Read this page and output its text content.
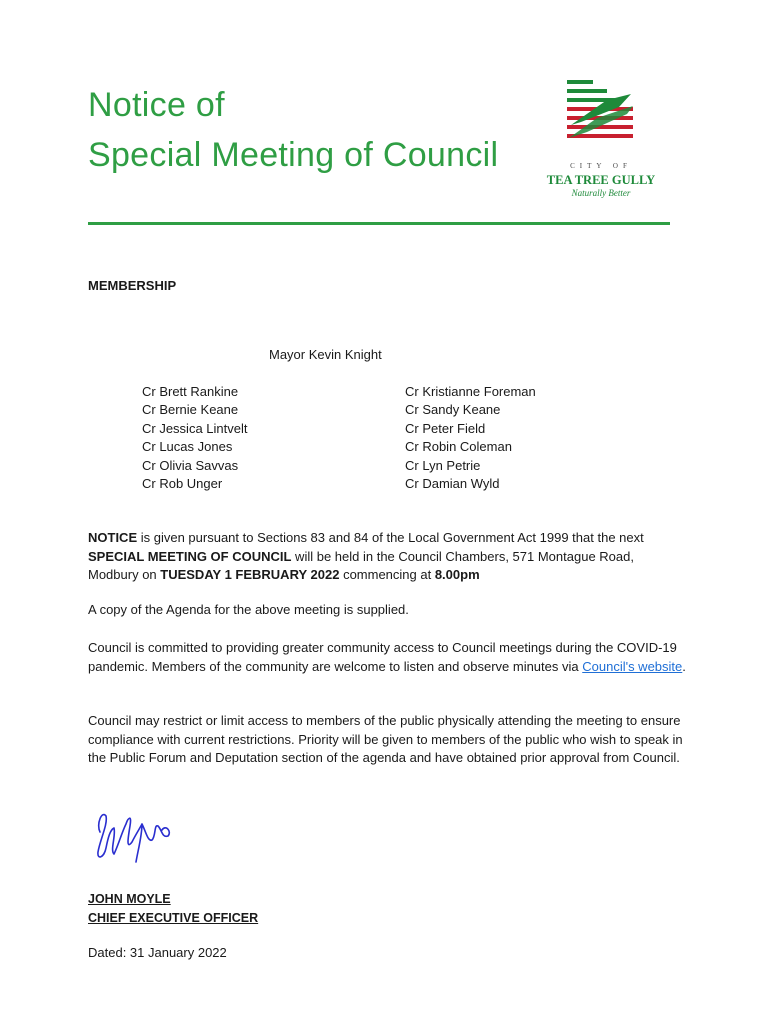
Notice of
Special Meeting of Council	CITY OF
TEA TREE GULLY
Naturally Better
MEMBERSHIP
Mayor Kevin Knight
Cr Brett Rankine
Cr Bernie Keane
Cr Jessica Lintvelt
Cr Lucas Jones
Cr Olivia Savvas
Cr Rob Unger
Cr Kristianne Foreman
Cr Sandy Keane
Cr Peter Field
Cr Robin Coleman
Cr Lyn Petrie
Cr Damian Wyld

NOTICE is given pursuant to Sections 83 and 84 of the Local Government Act 1999 that the next SPECIAL MEETING OF COUNCIL will be held in the Council Chambers, 571 Montague Road, Modbury on TUESDAY 1 FEBRUARY 2022 commencing at 8.00pm

A copy of the Agenda for the above meeting is supplied.

Council is committed to providing greater community access to Council meetings during the COVID-19 pandemic. Members of the community are welcome to listen and observe minutes via Council's website.

Council may restrict or limit access to members of the public physically attending the meeting to ensure compliance with current restrictions. Priority will be given to members of the public who wish to speak in the Public Forum and Deputation section of the agenda and have obtained prior approval from Council.

JOHN MOYLE
CHIEF EXECUTIVE OFFICER
Dated: 31 January 2022
